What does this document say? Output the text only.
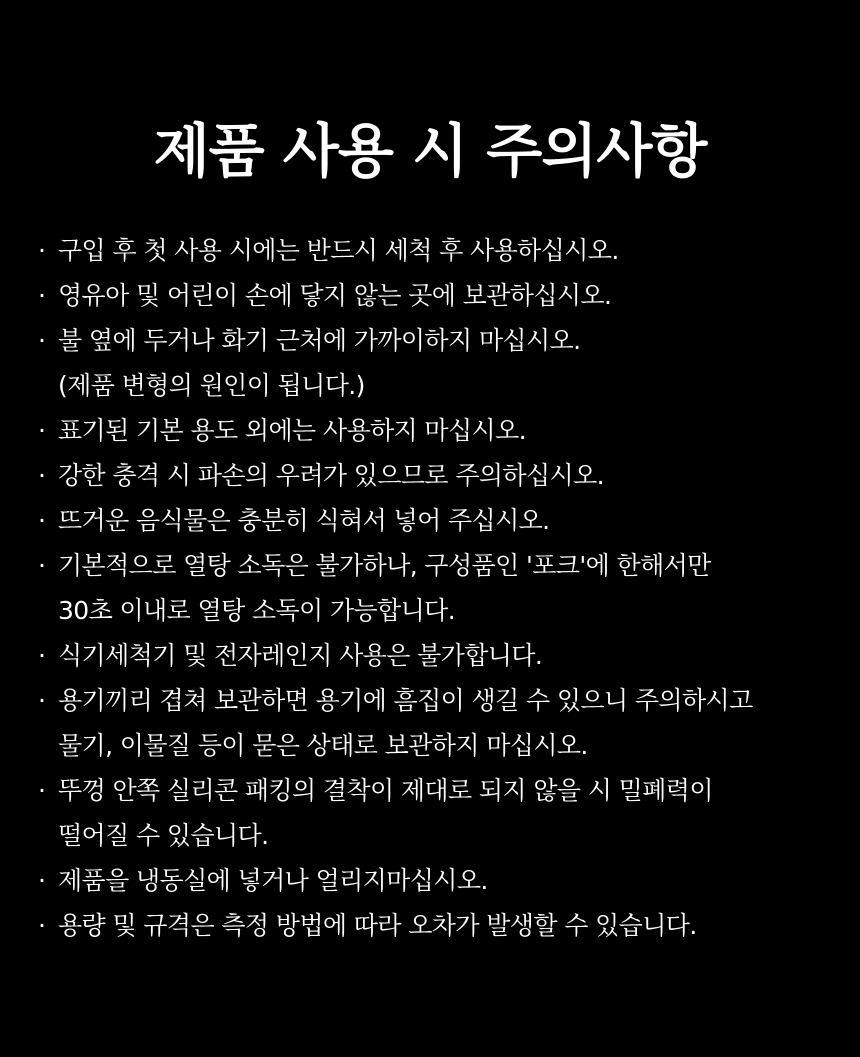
제품 사용 시 주의사항
· 구입 후 첫 사용 시에는 반드시 세척 후 사용하십시오.
· 영유아 및 어린이 손에 닿지 않는 곳에 보관하십시오.
· 불 옆에 두거나 화기 근처에 가까이하지 마십시오.
(제품 변형의 원인이 됩니다.)
· 표기된 기본 용도 외에는 사용하지 마십시오.
· 강한 충격 시 파손의 우려가 있으므로 주의하십시오.
· 뜨거운 음식물은 충분히 식혀서 넣어 주십시오.
· 기본적으로 열탕 소독은 불가하나, 구성품인 '포크'에 한해서만
30초 이내로 열탕 소독이 가능합니다.
· 식기세척기 및 전자레인지 사용은 불가합니다.
· 용기끼리 겹쳐 보관하면 용기에 흠집이 생길 수 있으니 주의하시고
물기, 이물질 등이 묻은 상태로 보관하지 마십시오.
· 뚜껑 안쪽 실리콘 패킹의 결착이 제대로 되지 않을 시 밀폐력이
떨어질 수 있습니다.
· 제품을 냉동실에 넣거나 얼리지마십시오.
· 용량 및 규격은 측정 방법에 따라 오차가 발생할 수 있습니다.
